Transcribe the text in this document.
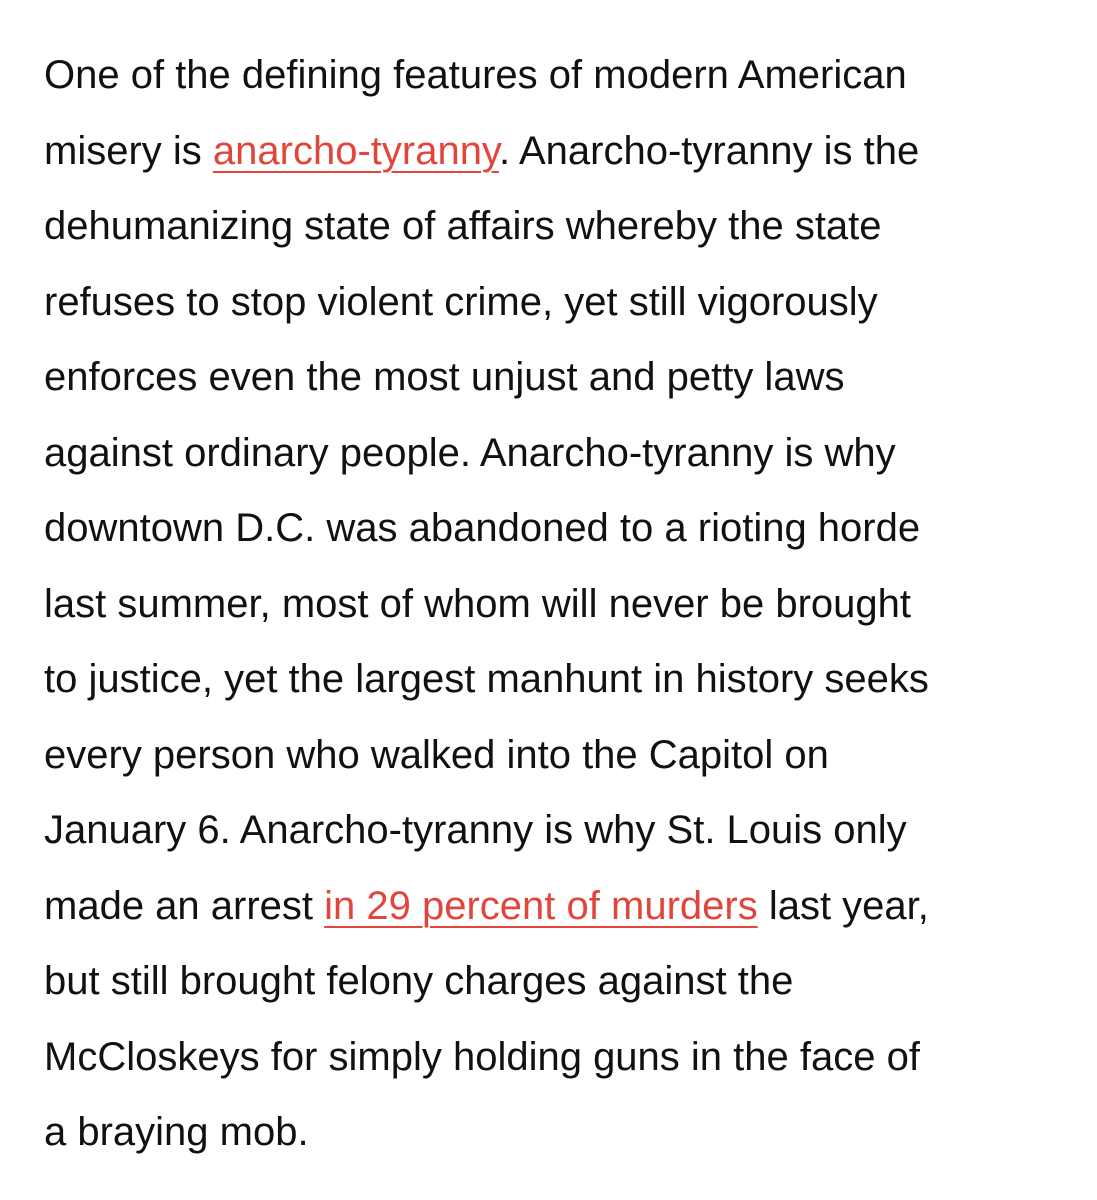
One of the defining features of modern American
misery is anarcho-tyranny. Anarcho-tyranny is the
dehumanizing state of affairs whereby the state
refuses to stop violent crime, yet still vigorously
enforces even the most unjust and petty laws
against ordinary people. Anarcho-tyranny is why
downtown D.C. was abandoned to a rioting horde
last summer, most of whom will never be brought
to justice, yet the largest manhunt in history seeks
every person who walked into the Capitol on
January 6. Anarcho-tyranny is why St. Louis only
made an arrest in 29 percent of murders last year,
but still brought felony charges against the
McCloskeys for simply holding guns in the face of
a braying mob.
